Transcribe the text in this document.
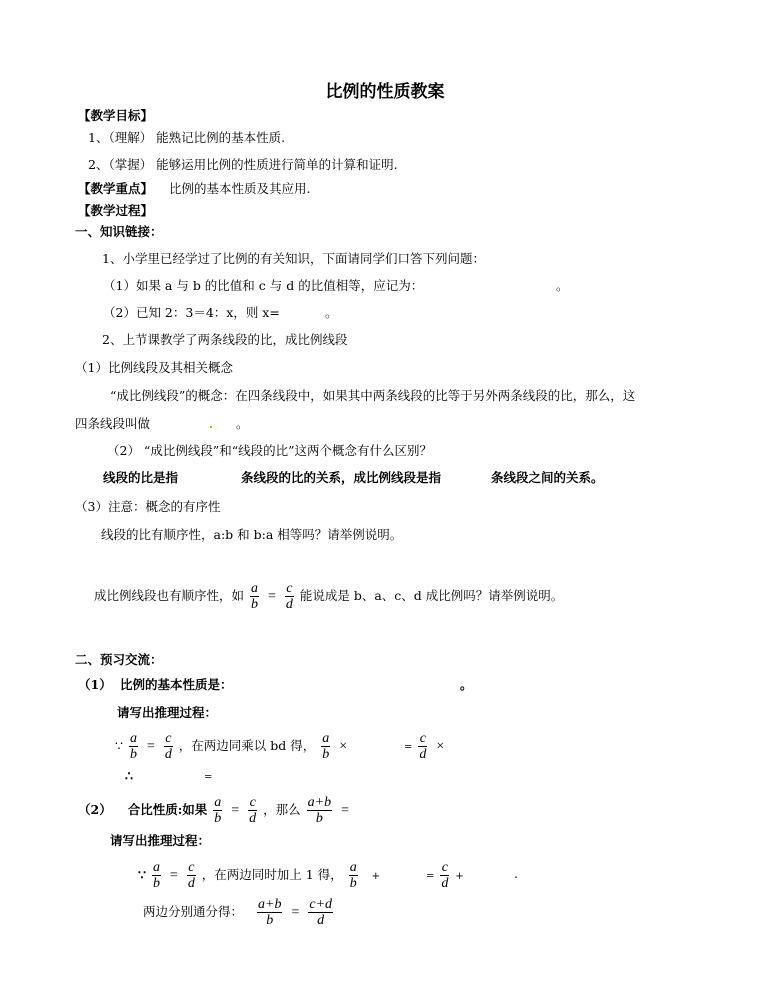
比例的性质教案
【教学目标】
1、（理解） 能熟记比例的基本性质.
2、（掌握） 能够运用比例的性质进行简单的计算和证明.
【教学重点】 比例的基本性质及其应用.
【教学过程】
一、知识链接：
1、小学里已经学过了比例的有关知识，下面请同学们口答下列问题：
（1）如果 a 与 b 的比值和 c 与 d 的比值相等，应记为：	。
（2）已知 2：3＝4：x，则 x=	。
2、上节课教学了两条线段的比，成比例线段
（1）比例线段及其相关概念
“成比例线段”的概念：在四条线段中，如果其中两条线段的比等于另外两条线段的比，那么，这
四条线段叫做	。
（2） “成比例线段”和“线段的比”这两个概念有什么区别？
线段的比是指	条线段的比的关系，成比例线段是指	条线段之间的关系。
（3）注意：概念的有序性
线段的比有顺序性，a:b 和 b:a 相等吗？请举例说明。
成比例线段也有顺序性，如 $\frac{a}{b} = \frac{c}{d}$ 能说成是 b、a、c、d 成比例吗？请举例说明。
二、预习交流：
（1） 比例的基本性质是：	。
请写出推理过程：
∵ $\frac{a}{b} = \frac{c}{d}$ ，在两边同乘以 bd 得， $\frac{a}{b}$ ×	= $\frac{c}{d}$ ×
∴	=
（2） 合比性质:如果 $\frac{a}{b} = \frac{c}{d}$ ，那么 $\frac{a+b}{b}$ =
请写出推理过程：
∵ $\frac{a}{b} = \frac{c}{d}$ ，在两边同时加上 1 得， $\frac{a}{b}$ +	= $\frac{c}{d}$ +	.
两边分别通分得： $\frac{a+b}{b} = \frac{c+d}{d}$
